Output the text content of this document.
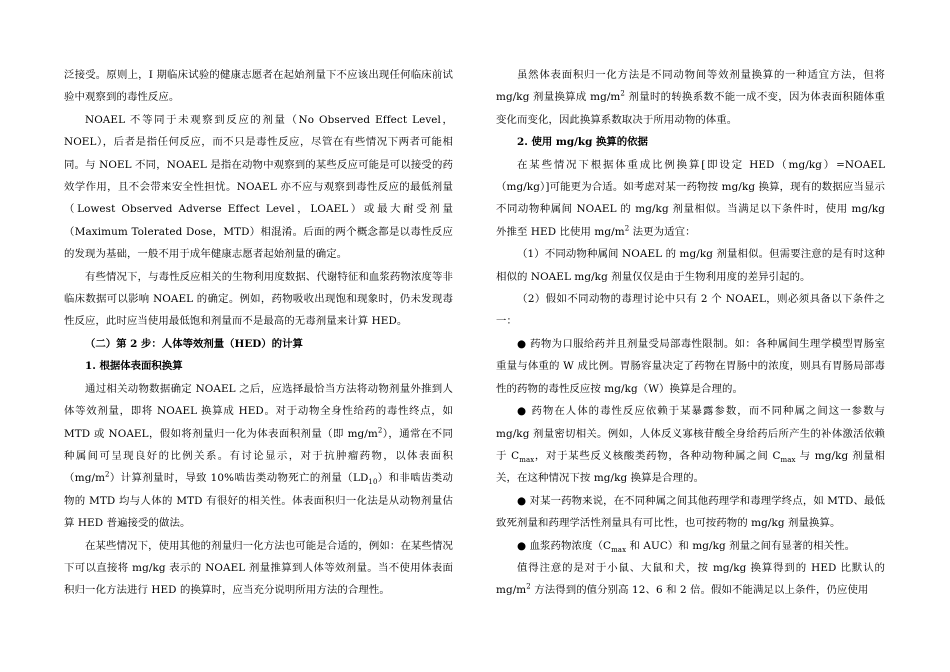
泛接受。原则上，I 期临床试验的健康志愿者在起始剂量下不应该出现任何临床前试验中观察到的毒性反应。

NOAEL 不等同于未观察到反应的剂量（No Observed Effect Level，NOEL），后者是指任何反应，而不只是毒性反应，尽管在有些情况下两者可能相同。与 NOEL 不同，NOAEL 是指在动物中观察到的某些反应可能是可以接受的药效学作用，且不会带来安全性担忧。NOAEL 亦不应与观察到毒性反应的最低剂量（Lowest Observed Adverse Effect Level，LOAEL）或最大耐受剂量（Maximum Tolerated Dose，MTD）相混淆。后面的两个概念都是以毒性反应的发现为基础，一般不用于成年健康志愿者起始剂量的确定。

有些情况下，与毒性反应相关的生物利用度数据、代谢特征和血浆药物浓度等非临床数据可以影响 NOAEL 的确定。例如，药物吸收出现饱和现象时，仍未发现毒性反应，此时应当使用最低饱和剂量而不是最高的无毒剂量来计算 HED。

（二）第 2 步：人体等效剂量（HED）的计算
1. 根据体表面积换算

通过相关动物数据确定 NOAEL 之后，应选择最恰当方法将动物剂量外推到人体等效剂量，即将 NOAEL 换算成 HED。对于动物全身性给药的毒性终点，如 MTD 或 NOAEL，假如将剂量归一化为体表面积剂量（即 $mg/m^2$），通常在不同种属间可呈现良好的比例关系。有讨论显示，对于抗肿瘤药物，以体表面积$(mg/m^2)$计算剂量时，导致 10%啮齿类动物死亡的剂量$(LD_{10})$和非啮齿类动物的 MTD 均与人体的 MTD 有很好的相关性。体表面积归一化法是从动物剂量估算 HED 普遍接受的做法。

在某些情况下，使用其他的剂量归一化方法也可能是合适的，例如：在某些情况下可以直接将 mg/kg 表示的 NOAEL 剂量推算到人体等效剂量。当不使用体表面积归一化方法进行 HED 的换算时，应当充分说明所用方法的合理性。

虽然体表面积归一化方法是不同动物间等效剂量换算的一种适宜方法，但将 mg/kg 剂量换算成 $mg/m^2$ 剂量时的转换系数不能一成不变，因为体表面积随体重变化而变化，因此换算系数取决于所用动物的体重。

2. 使用 mg/kg 换算的依据

在某些情况下根据体重成比例换算[即设定 HED（mg/kg）=NOAEL（mg/kg）]可能更为合适。如考虑对某一药物按 mg/kg 换算，现有的数据应当显示不同动物种属间 NOAEL 的 mg/kg 剂量相似。当满足以下条件时，使用 mg/kg 外推至 HED 比使用 $mg/m^2$ 法更为适宜：

（1）不同动物种属间 NOAEL 的 mg/kg 剂量相似。但需要注意的是有时这种相似的 NOAEL mg/kg 剂量仅仅是由于生物利用度的差异引起的。

（2）假如不同动物的毒理讨论中只有 2 个 NOAEL，则必须具备以下条件之一：

● 药物为口服给药并且剂量受局部毒性限制。如：各种属间生理学模型胃肠室重量与体重的 W 成比例。胃肠容量决定了药物在胃肠中的浓度，则具有胃肠局部毒性的药物的毒性反应按 mg/kg（W）换算是合理的。

● 药物在人体的毒性反应依赖于某暴露参数，而不同种属之间这一参数与 mg/kg 剂量密切相关。例如，人体反义寡核苷酸全身给药后所产生的补体激活依赖于 $C_{max}$，对于某些反义核酸类药物，各种动物种属之间 $C_{max}$ 与 mg/kg 剂量相关，在这种情况下按 mg/kg 换算是合理的。

● 对某一药物来说，在不同种属之间其他药理学和毒理学终点，如 MTD、最低致死剂量和药理学活性剂量具有可比性，也可按药物的 mg/kg 剂量换算。

● 血浆药物浓度（$C_{max}$ 和 AUC）和 mg/kg 剂量之间有显著的相关性。

值得注意的是对于小鼠、大鼠和犬，按 mg/kg 换算得到的 HED 比默认的 $mg/m^2$ 方法得到的值分别高 12、6 和 2 倍。假如不能满足以上条件，仍应使用
